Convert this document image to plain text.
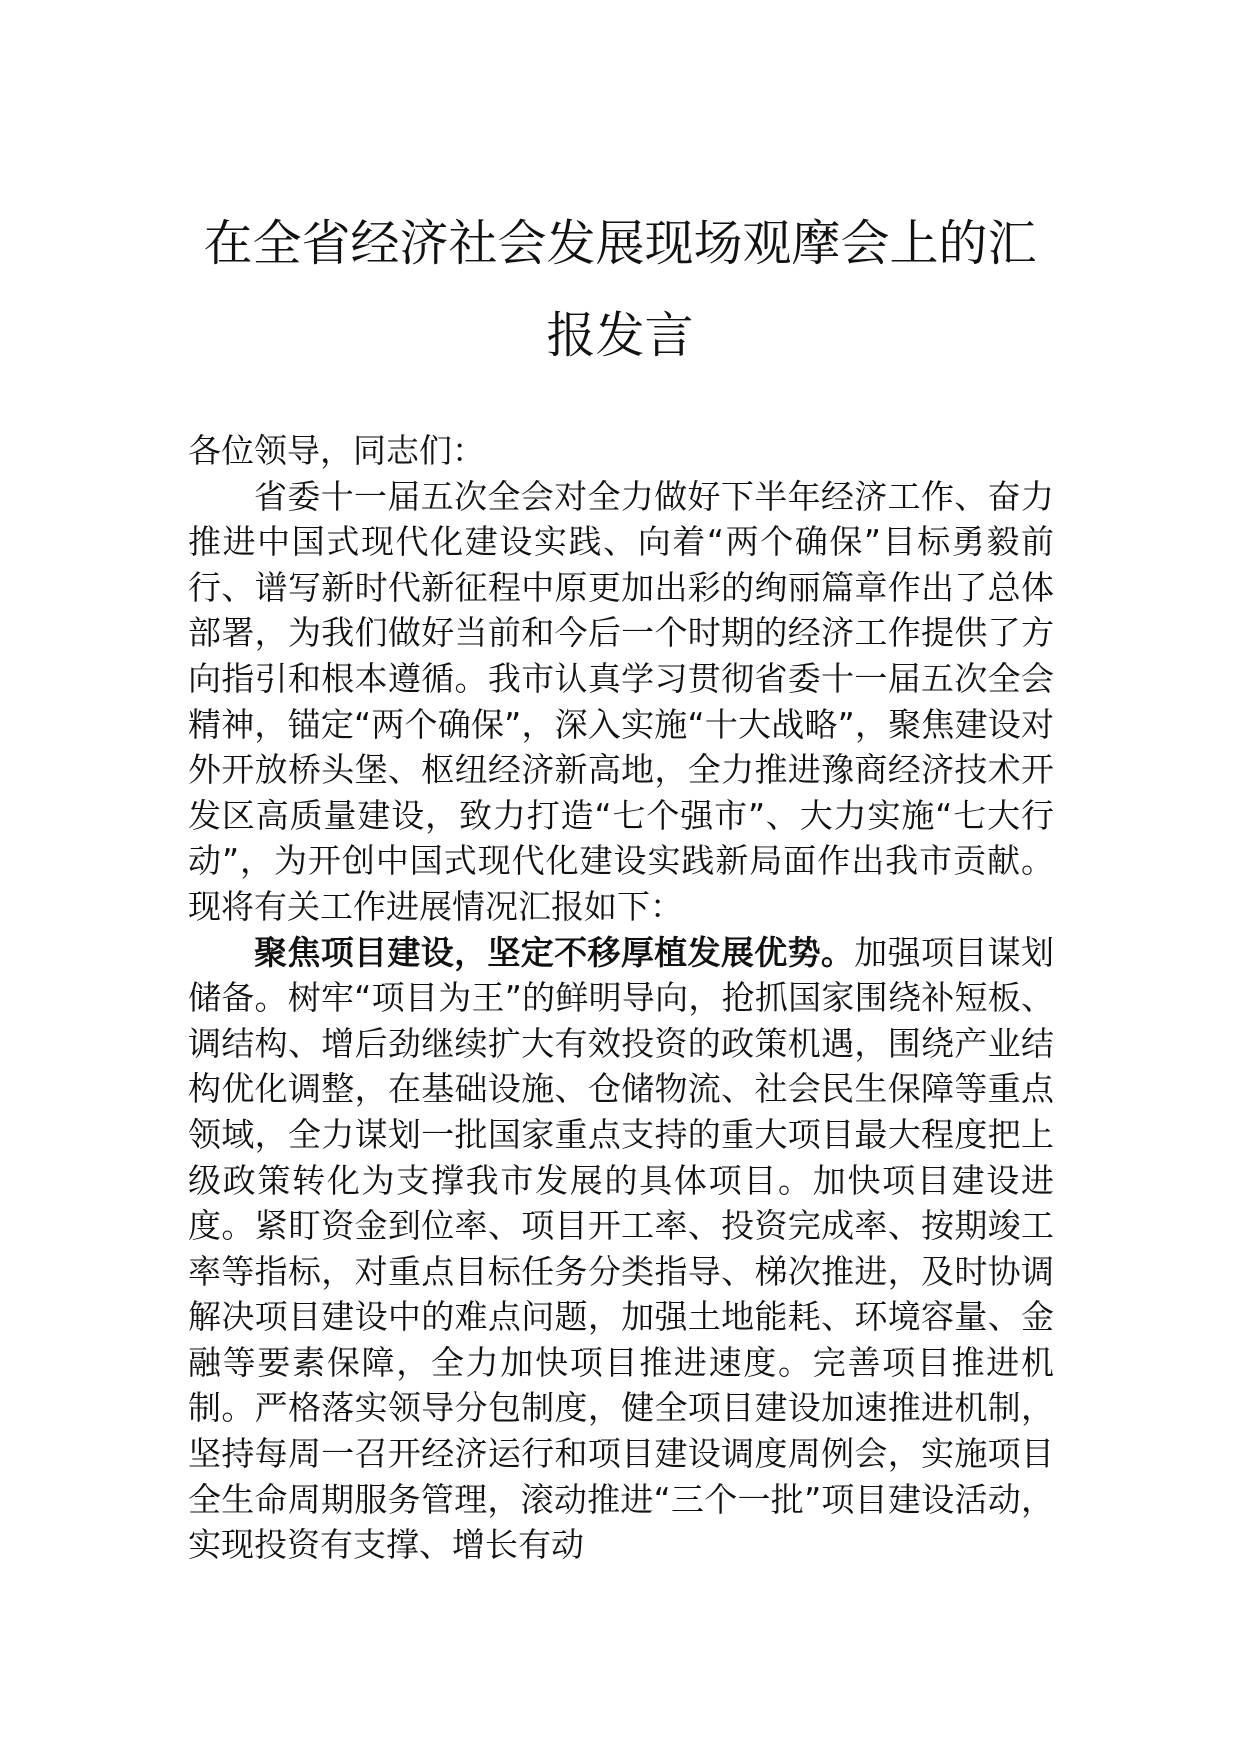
在全省经济社会发展现场观摩会上的汇报发言

各位领导，同志们：

省委十一届五次全会对全力做好下半年经济工作、奋力推进中国式现代化建设实践、向着“两个确保”目标勇毅前行、谱写新时代新征程中原更加出彩的绚丽篇章作出了总体部署，为我们做好当前和今后一个时期的经济工作提供了方向指引和根本遵循。我市认真学习贯彻省委十一届五次全会精神，锚定“两个确保”，深入实施“十大战略”，聚焦建设对外开放桥头堡、枢纽经济新高地，全力推进豫商经济技术开发区高质量建设，致力打造“七个强市”、大力实施“七大行动”，为开创中国式现代化建设实践新局面作出我市贡献。现将有关工作进展情况汇报如下：

聚焦项目建设，坚定不移厚植发展优势。加强项目谋划储备。树牢“项目为王”的鲜明导向，抢抓国家围绕补短板、调结构、增后劲继续扩大有效投资的政策机遇，围绕产业结构优化调整，在基础设施、仓储物流、社会民生保障等重点领域，全力谋划一批国家重点支持的重大项目最大程度把上级政策转化为支撑我市发展的具体项目。加快项目建设进度。紧盯资金到位率、项目开工率、投资完成率、按期竣工率等指标，对重点目标任务分类指导、梯次推进，及时协调解决项目建设中的难点问题，加强土地能耗、环境容量、金融等要素保障，全力加快项目推进速度。完善项目推进机制。严格落实领导分包制度，健全项目建设加速推进机制，坚持每周一召开经济运行和项目建设调度周例会，实施项目全生命周期服务管理，滚动推进“三个一批”项目建设活动，实现投资有支撑、增长有动
